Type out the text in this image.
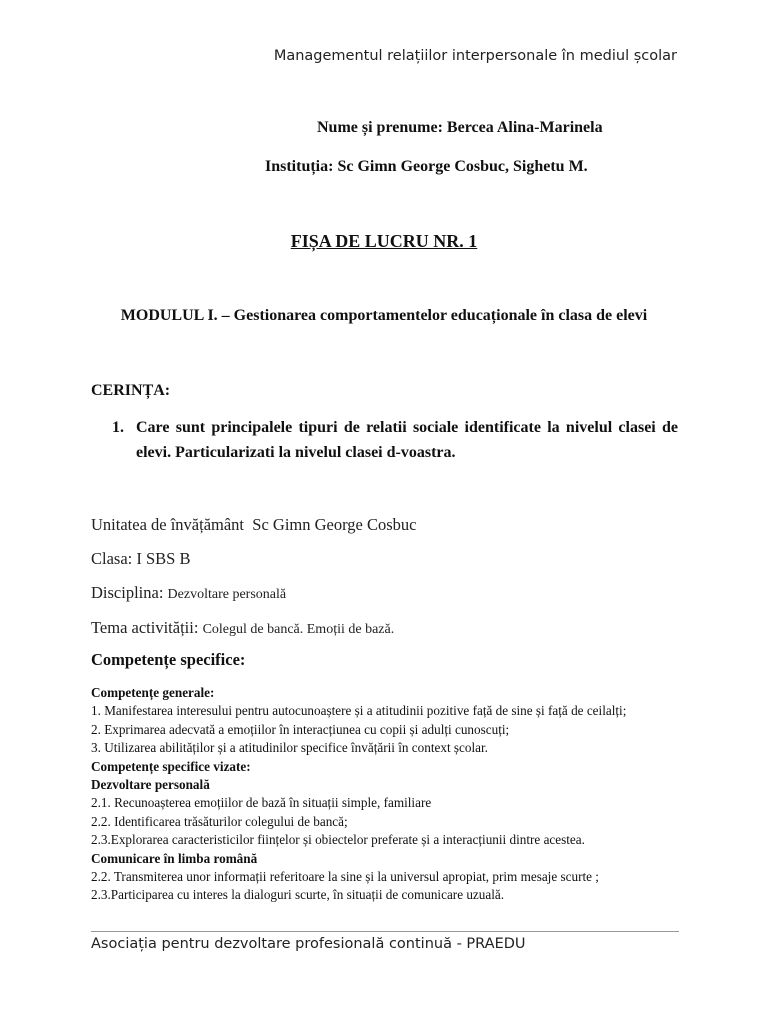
Managementul relațiilor interpersonale în mediul școlar
Nume și prenume: Bercea Alina-Marinela
Instituția: Sc Gimn George Cosbuc, Sighetu M.
FIȘA DE LUCRU NR. 1
MODULUL I. – Gestionarea comportamentelor educaționale în clasa de elevi
CERINȚA:
1. Care sunt principalele tipuri de relatii sociale identificate la nivelul clasei de elevi. Particularizati la nivelul clasei d-voastra.
Unitatea de învățământ Sc Gimn George Cosbuc
Clasa: I SBS B
Disciplina: Dezvoltare personală
Tema activității: Colegul de bancă. Emoții de bază.
Competențe specifice:
Competențe generale:
1. Manifestarea interesului pentru autocunoaștere și a atitudinii pozitive față de sine și față de ceilalți;
2. Exprimarea adecvată a emoțiilor în interacțiunea cu copii și adulți cunoscuți;
3. Utilizarea abilităților și a atitudinilor specifice învățării în context școlar.
Competențe specifice vizate:
Dezvoltare personală
2.1. Recunoașterea emoțiilor de bază în situații simple, familiare
2.2. Identificarea trăsăturilor colegului de bancă;
2.3.Explorarea caracteristicilor ființelor și obiectelor preferate și a interacțiunii dintre acestea.
Comunicare în limba română
2.2. Transmiterea unor informații referitoare la sine și la universul apropiat, prim mesaje scurte ;
2.3.Participarea cu interes la dialoguri scurte, în situații de comunicare uzuală.
Asociația pentru dezvoltare profesională continuă - PRAEDU
